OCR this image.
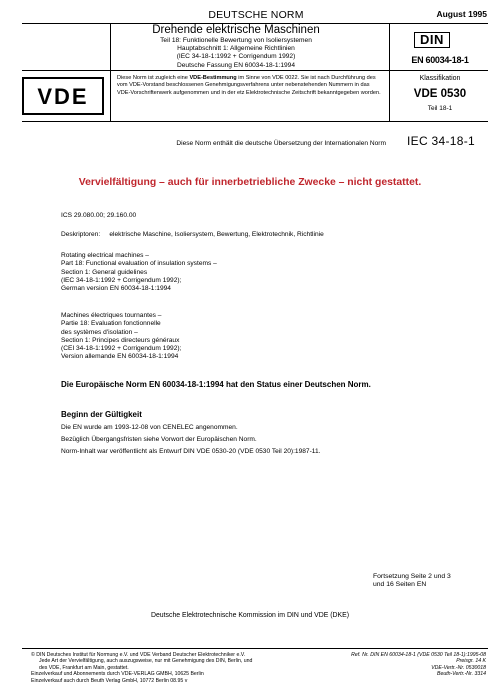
DEUTSCHE NORM	August 1995
Drehende elektrische Maschinen
Teil 18: Funktionelle Bewertung von Isoliersystemen
Hauptabschnitt 1: Allgemeine Richtlinien
(IEC 34-18-1:1992 + Corrigendum 1992)
Deutsche Fassung EN 60034-18-1:1994
DIN
EN 60034-18-1
VDE
Diese Norm ist zugleich eine VDE-Bestimmung im Sinne von VDE 0022. Sie ist nach Durchführung des vom VDE-Vorstand beschlossenen Genehmigungsverfahrens unter nebenstehenden Nummern in das VDE-Vorschriftenwerk aufgenommen und in der etz Elektrotechnische Zeitschrift bekanntgegeben worden.
Klassifikation
VDE 0530
Teil 18-1
Diese Norm enthält die deutsche Übersetzung der Internationalen Norm	IEC 34-18-1
Vervielfältigung – auch für innerbetriebliche Zwecke – nicht gestattet.
ICS 29.080.00; 29.160.00
Deskriptoren:     elektrische Maschine, Isoliersystem, Bewertung, Elektrotechnik, Richtlinie
Rotating electrical machines –
Part 18: Functional evaluation of insulation systems –
Section 1: General guidelines
(IEC 34-18-1:1992 + Corrigendum 1992);
German version EN 60034-18-1:1994
Machines électriques tournantes –
Partie 18: Evaluation fonctionnelle
des systèmes d'isolation –
Section 1: Principes directeurs généraux
(CEI 34-18-1:1992 + Corrigendum 1992);
Version allemande EN 60034-18-1:1994
Die Europäische Norm EN 60034-18-1:1994 hat den Status einer Deutschen Norm.
Beginn der Gültigkeit
Die EN wurde am 1993-12-08 von CENELEC angenommen.
Bezüglich Übergangsfristen siehe Vorwort der Europäischen Norm.
Norm-Inhalt war veröffentlicht als Entwurf DIN VDE 0530-20 (VDE 0530 Teil 20):1987-11.
Fortsetzung Seite 2 und 3
und 16 Seiten EN
Deutsche Elektrotechnische Kommission im DIN und VDE (DKE)
© DIN Deutsches Institut für Normung e.V. und VDE Verband Deutscher Elektrotechniker e.V.
Jede Art der Vervielfältigung, auch auszugsweise, nur mit Genehmigung des DIN, Berlin, und
des VDE, Frankfurt am Main, gestattet.
Einzelverkauf und Abonnements durch VDE-VERLAG GMBH, 10625 Berlin
Einzelverkauf auch durch Beuth Verlag GmbH, 10772 Berlin 08.95 v
Ref. Nr. DIN EN 60034-18-1 (VDE 0530 Teil 18-1):1995-08
Preisgr. 14 K
VDE-Vertr.-Nr. 0530018
Beuth-Vertr.-Nr. 3314
